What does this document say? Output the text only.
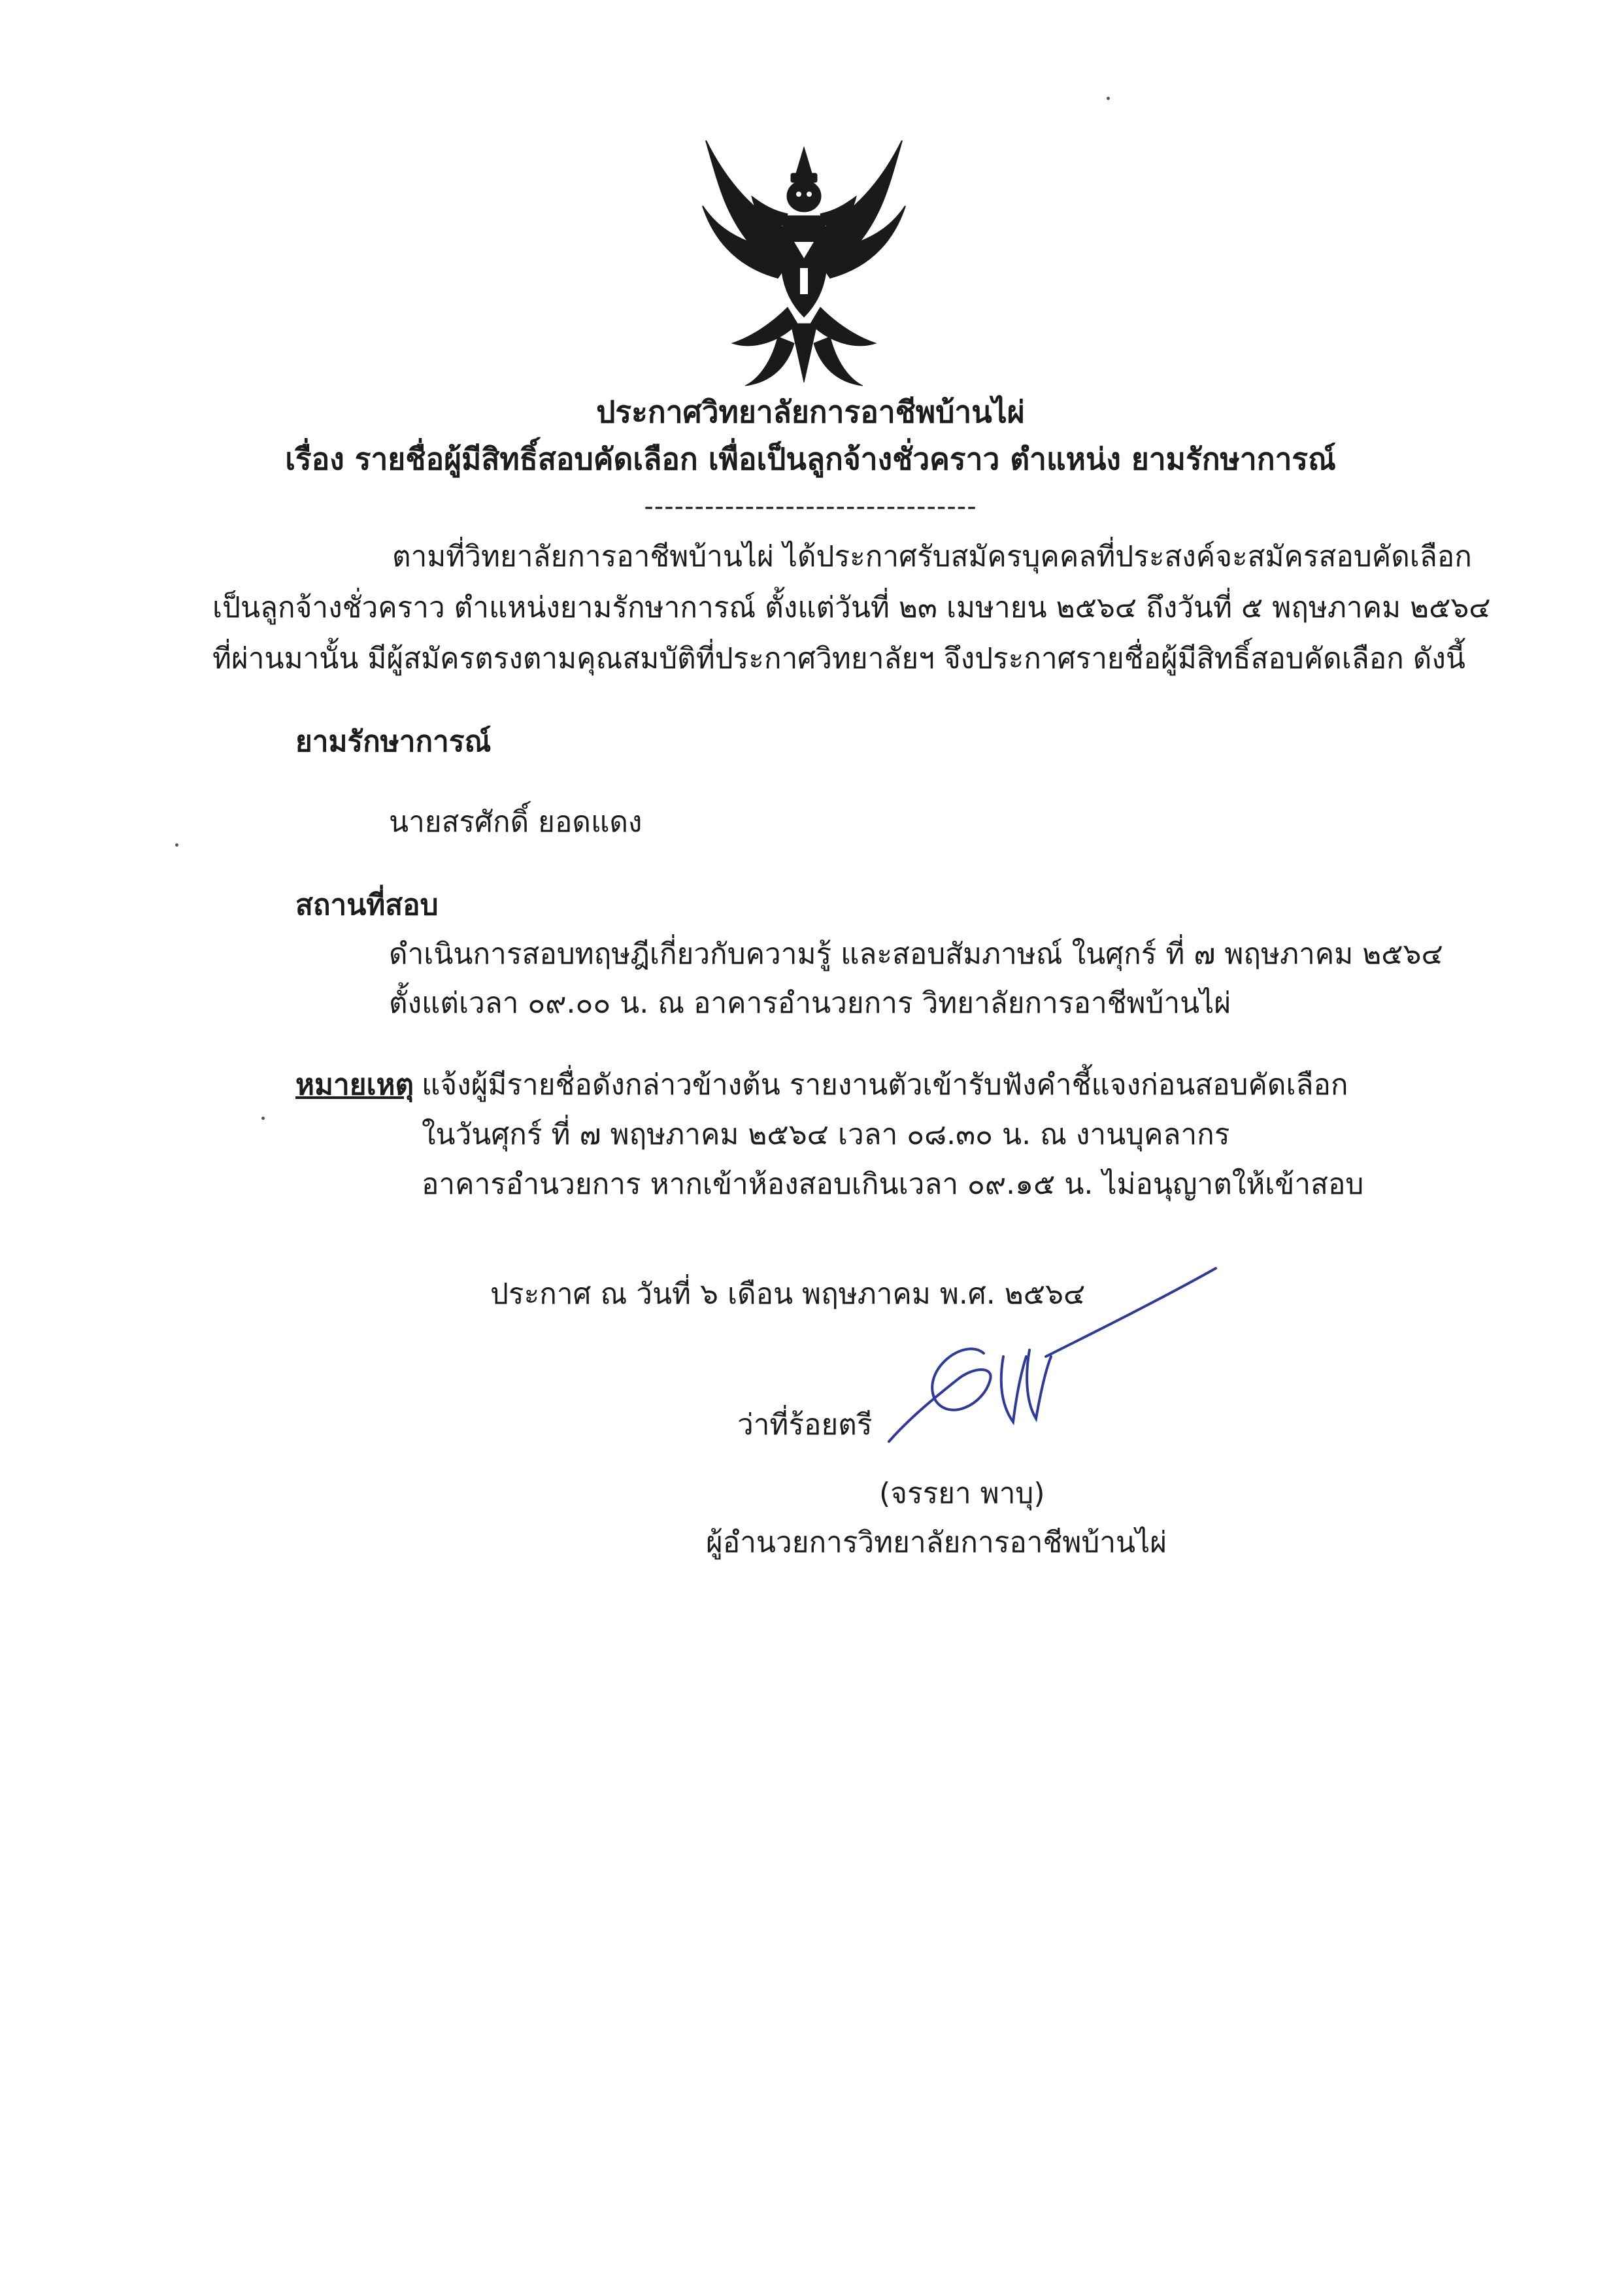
ประกาศวิทยาลัยการอาชีพบ้านไผ่
เรื่อง รายชื่อผู้มีสิทธิ์สอบคัดเลือก เพื่อเป็นลูกจ้างชั่วคราว ตำแหน่ง ยามรักษาการณ์
---------------------------------
ตามที่วิทยาลัยการอาชีพบ้านไผ่ ได้ประกาศรับสมัครบุคคลที่ประสงค์จะสมัครสอบคัดเลือก
เป็นลูกจ้างชั่วคราว ตำแหน่งยามรักษาการณ์ ตั้งแต่วันที่ ๒๓ เมษายน ๒๕๖๔ ถึงวันที่ ๕ พฤษภาคม ๒๕๖๔
ที่ผ่านมานั้น มีผู้สมัครตรงตามคุณสมบัติที่ประกาศวิทยาลัยฯ จึงประกาศรายชื่อผู้มีสิทธิ์สอบคัดเลือก ดังนี้
ยามรักษาการณ์
นายสรศักดิ์ ยอดแดง
สถานที่สอบ
ดำเนินการสอบทฤษฎีเกี่ยวกับความรู้ และสอบสัมภาษณ์ ในศุกร์ ที่ ๗ พฤษภาคม ๒๕๖๔
ตั้งแต่เวลา ๐๙.๐๐ น. ณ อาคารอำนวยการ วิทยาลัยการอาชีพบ้านไผ่
หมายเหตุ แจ้งผู้มีรายชื่อดังกล่าวข้างต้น รายงานตัวเข้ารับฟังคำชี้แจงก่อนสอบคัดเลือก
ในวันศุกร์ ที่ ๗ พฤษภาคม ๒๕๖๔ เวลา ๐๘.๓๐ น. ณ งานบุคลากร
อาคารอำนวยการ หากเข้าห้องสอบเกินเวลา ๐๙.๑๕ น. ไม่อนุญาตให้เข้าสอบ
ประกาศ ณ วันที่ ๖ เดือน พฤษภาคม พ.ศ. ๒๕๖๔
ว่าที่ร้อยตรี
(จรรยา พาบุ)
ผู้อำนวยการวิทยาลัยการอาชีพบ้านไผ่
